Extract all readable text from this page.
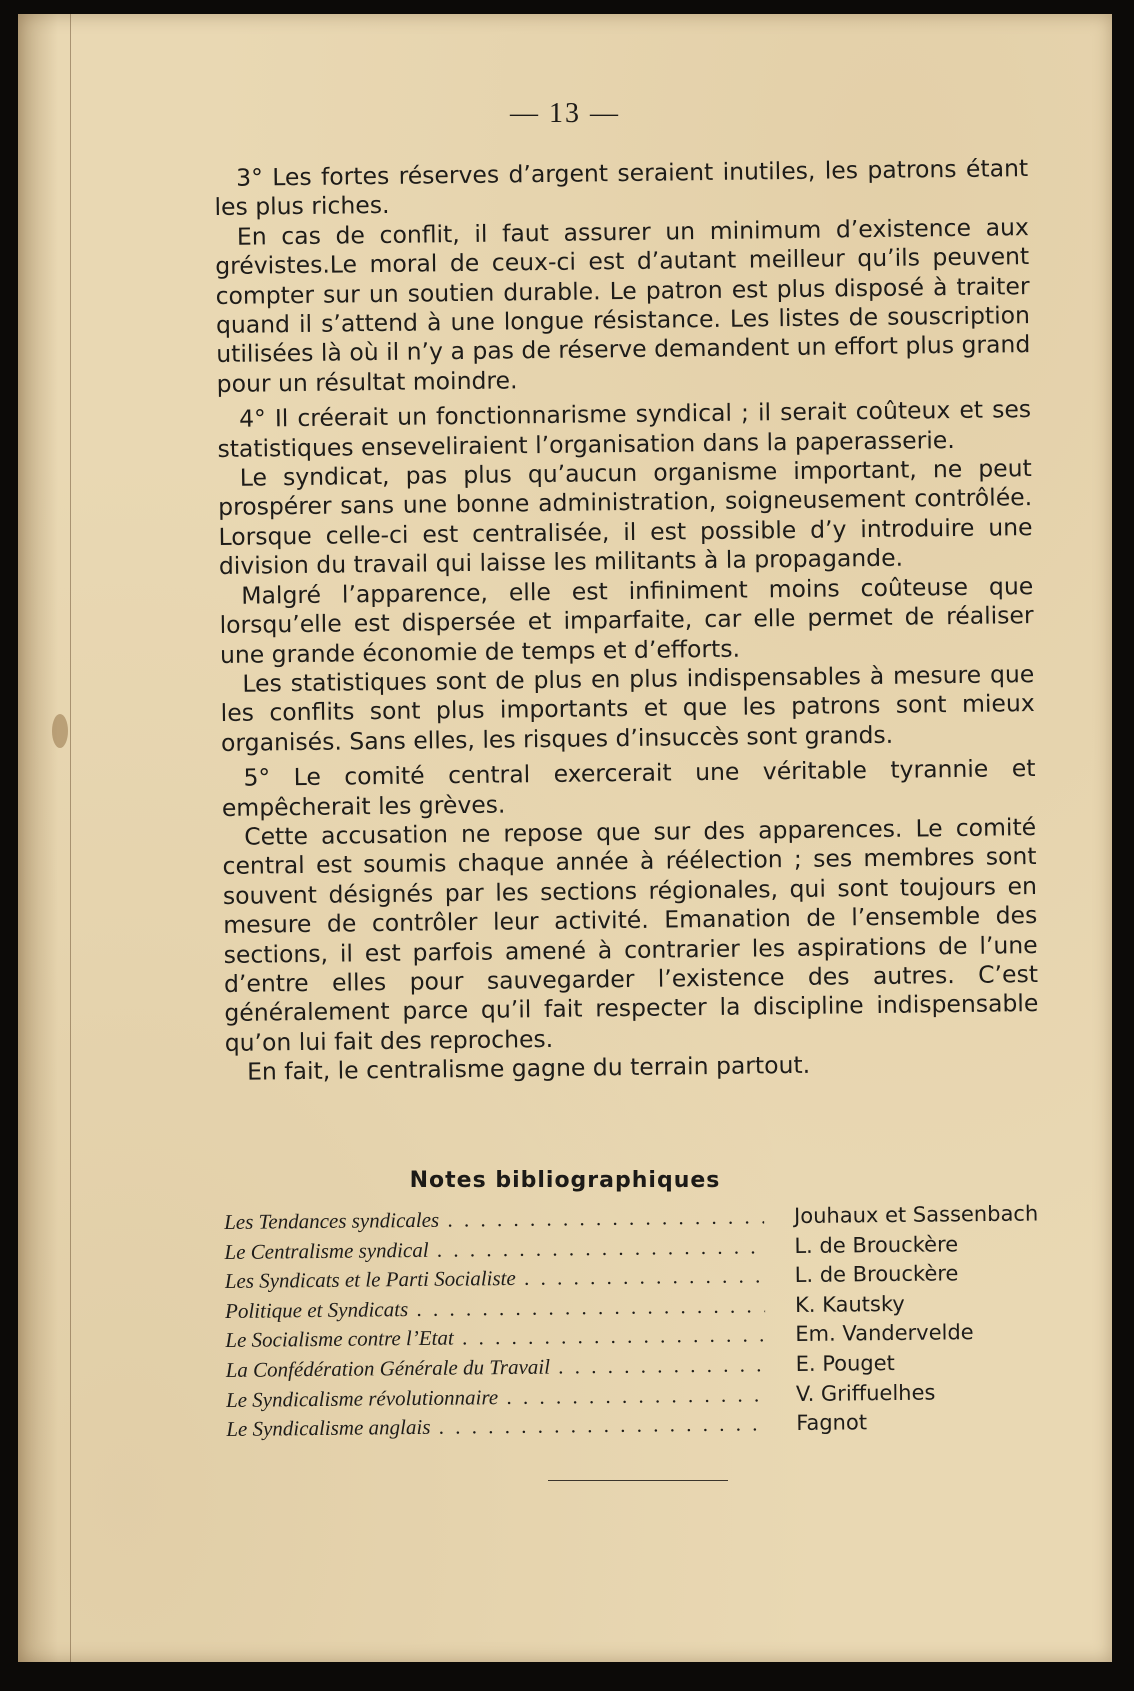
— 13 —

3° Les fortes réserves d’argent seraient inutiles, les patrons étant les plus riches.

En cas de conflit, il faut assurer un minimum d’existence aux grévistes.Le moral de ceux-ci est d’autant meilleur qu’ils peuvent compter sur un soutien durable. Le patron est plus disposé à traiter quand il s’attend à une longue résistance. Les listes de souscription utilisées là où il n’y a pas de réserve demandent un effort plus grand pour un résultat moindre.

4° Il créerait un fonctionnarisme syndical ; il serait coûteux et ses statistiques enseveliraient l’organisation dans la paperasserie.

Le syndicat, pas plus qu’aucun organisme important, ne peut prospérer sans une bonne administration, soigneusement contrôlée. Lorsque celle-ci est centralisée, il est possible d’y introduire une division du travail qui laisse les militants à la propagande.

Malgré l’apparence, elle est infiniment moins coûteuse que lorsqu’elle est dispersée et imparfaite, car elle permet de réaliser une grande économie de temps et d’efforts.

Les statistiques sont de plus en plus indispensables à mesure que les conflits sont plus importants et que les patrons sont mieux organisés. Sans elles, les risques d’insuccès sont grands.

5° Le comité central exercerait une véritable tyrannie et empêcherait les grèves.

Cette accusation ne repose que sur des apparences. Le comité central est soumis chaque année à réélection ; ses membres sont souvent désignés par les sections régionales, qui sont toujours en mesure de contrôler leur activité. Emanation de l’ensemble des sections, il est parfois amené à contrarier les aspirations de l’une d’entre elles pour sauvegarder l’existence des autres. C’est généralement parce qu’il fait respecter la discipline indispensable qu’on lui fait des reproches.

En fait, le centralisme gagne du terrain partout.

Notes bibliographiques
Les Tendances syndicales . . .	Jouhaux et Sassenbach
Le Centralisme syndical . . .	L. de Brouckère
Les Syndicats et le Parti Socialiste . . .	L. de Brouckère
Politique et Syndicats . . .	K. Kautsky
Le Socialisme contre l’Etat . . .	Em. Vandervelde
La Confédération Générale du Travail . . .	E. Pouget
Le Syndicalisme révolutionnaire . . .	V. Griffuelhes
Le Syndicalisme anglais . . .	Fagnot
